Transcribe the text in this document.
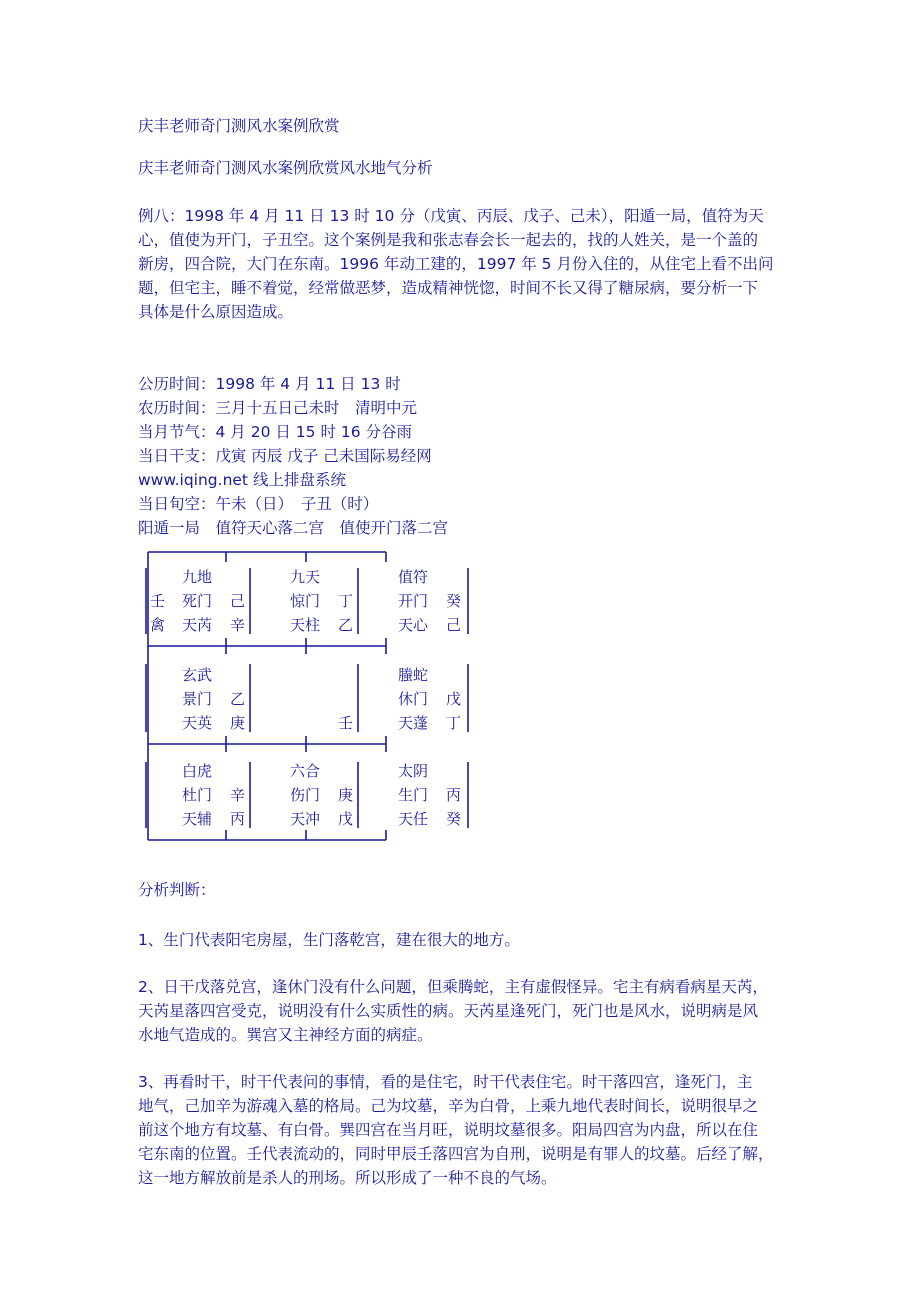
庆丰老师奇门测风水案例欣赏
庆丰老师奇门测风水案例欣赏风水地气分析
例八：1998 年 4 月 11 日 13 时 10 分（戊寅、丙辰、戊子、己未），阳遁一局，值符为天
心，值使为开门，子丑空。这个案例是我和张志春会长一起去的，找的人姓关，是一个盖的
新房，四合院，大门在东南。1996 年动工建的，1997 年 5 月份入住的，从住宅上看不出问
题，但宅主，睡不着觉，经常做恶梦，造成精神恍惚，时间不长又得了糖尿病，要分析一下
具体是什么原因造成。
公历时间：1998 年 4 月 11 日 13 时
农历时间：三月十五日己未时　清明中元
当月节气：4 月 20 日 15 时 16 分谷雨
当日干支：戊寅 丙辰 戊子 己未国际易经网
www.iqing.net 线上排盘系统
当日旬空：午未（日）　子丑（时）
阳遁一局　值符天心落二宫　值使开门落二宫
九地
壬 死门 己
禽 天芮 辛
九天
惊门 丁
天柱 乙
值符
开门 癸
天心 己
玄武
景门 乙
天英 庚	壬
螣蛇
休门 戊
天蓬 丁
白虎
杜门 辛
天辅 丙
六合
伤门 庚
天冲 戊
太阴
生门 丙
天任 癸
分析判断：
1、生门代表阳宅房屋，生门落乾宫，建在很大的地方。
2、日干戊落兑宫，逢休门没有什么问题，但乘腾蛇，主有虚假怪异。宅主有病看病星天芮，
天芮星落四宫受克，说明没有什么实质性的病。天芮星逢死门，死门也是风水，说明病是风
水地气造成的。巽宫又主神经方面的病症。
3、再看时干，时干代表问的事情，看的是住宅，时干代表住宅。时干落四宫，逢死门，主
地气，己加辛为游魂入墓的格局。己为坟墓，辛为白骨，上乘九地代表时间长，说明很早之
前这个地方有坟墓、有白骨。巽四宫在当月旺，说明坟墓很多。阳局四宫为内盘，所以在住
宅东南的位置。壬代表流动的，同时甲辰壬落四宫为自刑，说明是有罪人的坟墓。后经了解，
这一地方解放前是杀人的刑场。所以形成了一种不良的气场。
